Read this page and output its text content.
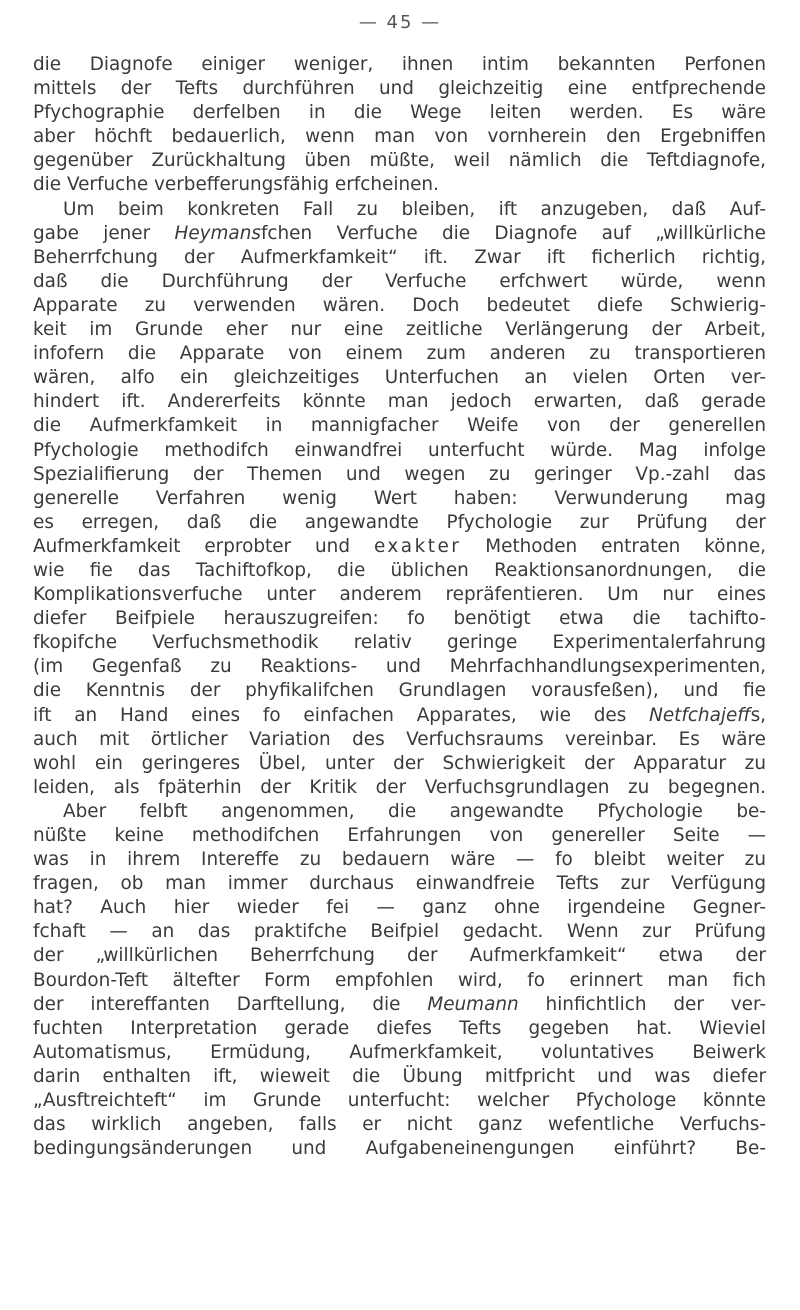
— 45 —
die Diagnofe einiger weniger, ihnen intim bekannten Perfonen
mittels der Tefts durchführen und gleichzeitig eine entfprechende
Pfychographie derfelben in die Wege leiten werden. Es wäre
aber höchft bedauerlich, wenn man von vornherein den Ergebniffen
gegenüber Zurückhaltung üben müßte, weil nämlich die Teftdiagnofe,
die Verfuche verbefferungsfähig erfcheinen.
Um beim konkreten Fall zu bleiben, ift anzugeben, daß Auf-
gabe jener Heymansfchen Verfuche die Diagnofe auf „willkürliche
Beherrfchung der Aufmerkfamkeit“ ift. Zwar ift ficherlich richtig,
daß die Durchführung der Verfuche erfchwert würde, wenn
Apparate zu verwenden wären. Doch bedeutet diefe Schwierig-
keit im Grunde eher nur eine zeitliche Verlängerung der Arbeit,
infofern die Apparate von einem zum anderen zu transportieren
wären, alfo ein gleichzeitiges Unterfuchen an vielen Orten ver-
hindert ift. Andererfeits könnte man jedoch erwarten, daß gerade
die Aufmerkfamkeit in mannigfacher Weife von der generellen
Pfychologie methodifch einwandfrei unterfucht würde. Mag infolge
Spezialifierung der Themen und wegen zu geringer Vp.-zahl das
generelle Verfahren wenig Wert haben: Verwunderung mag
es erregen, daß die angewandte Pfychologie zur Prüfung der
Aufmerkfamkeit erprobter und exakter Methoden entraten könne,
wie fie das Tachiftofkop, die üblichen Reaktionsanordnungen, die
Komplikationsverfuche unter anderem repräfentieren. Um nur eines
diefer Beifpiele herauszugreifen: fo benötigt etwa die tachifto-
fkopifche Verfuchsmethodik relativ geringe Experimentalerfahrung
(im Gegenfaß zu Reaktions- und Mehrfachhandlungsexperimenten,
die Kenntnis der phyfikalifchen Grundlagen vorausfeßen), und fie
ift an Hand eines fo einfachen Apparates, wie des Netfchajeffs,
auch mit örtlicher Variation des Verfuchsraums vereinbar. Es wäre
wohl ein geringeres Übel, unter der Schwierigkeit der Apparatur zu
leiden, als fpäterhin der Kritik der Verfuchsgrundlagen zu begegnen.
Aber felbft angenommen, die angewandte Pfychologie be-
nüßte keine methodifchen Erfahrungen von genereller Seite —
was in ihrem Intereffe zu bedauern wäre — fo bleibt weiter zu
fragen, ob man immer durchaus einwandfreie Tefts zur Verfügung
hat? Auch hier wieder fei — ganz ohne irgendeine Gegner-
fchaft — an das praktifche Beifpiel gedacht. Wenn zur Prüfung
der „willkürlichen Beherrfchung der Aufmerkfamkeit“ etwa der
Bourdon-Teft ältefter Form empfohlen wird, fo erinnert man fich
der intereffanten Darftellung, die Meumann hinfichtlich der ver-
fuchten Interpretation gerade diefes Tefts gegeben hat. Wieviel
Automatismus, Ermüdung, Aufmerkfamkeit, voluntatives Beiwerk
darin enthalten ift, wieweit die Übung mitfpricht und was diefer
„Ausftreichteft“ im Grunde unterfucht: welcher Pfychologe könnte
das wirklich angeben, falls er nicht ganz wefentliche Verfuchs-
bedingungsänderungen und Aufgabeneinengungen einführt? Be-
